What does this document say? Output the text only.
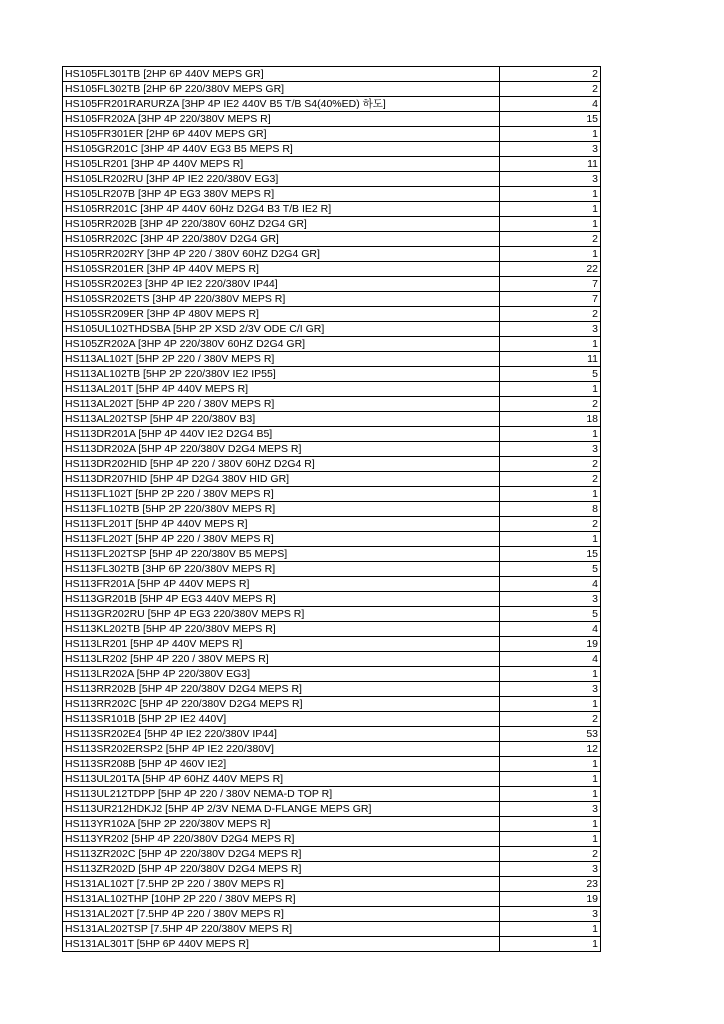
HS105FL301TB [2HP 6P 440V MEPS GR]	2
HS105FL302TB [2HP 6P 220/380V MEPS GR]	2
HS105FR201RARURZA [3HP 4P IE2 440V B5 T/B S4(40%ED) 하도]	4
HS105FR202A [3HP 4P 220/380V MEPS R]	15
HS105FR301ER [2HP 6P 440V MEPS GR]	1
HS105GR201C [3HP 4P 440V EG3 B5 MEPS R]	3
HS105LR201 [3HP 4P 440V MEPS R]	11
HS105LR202RU [3HP 4P IE2 220/380V EG3]	3
HS105LR207B [3HP 4P EG3 380V MEPS R]	1
HS105RR201C [3HP 4P 440V 60Hz D2G4 B3 T/B IE2 R]	1
HS105RR202B [3HP 4P 220/380V 60HZ D2G4 GR]	1
HS105RR202C [3HP 4P 220/380V D2G4 GR]	2
HS105RR202RY [3HP 4P 220 / 380V 60HZ D2G4 GR]	1
HS105SR201ER [3HP 4P 440V MEPS R]	22
HS105SR202E3 [3HP 4P IE2 220/380V IP44]	7
HS105SR202ETS [3HP 4P 220/380V MEPS R]	7
HS105SR209ER [3HP 4P 480V MEPS R]	2
HS105UL102THDSBA [5HP 2P XSD 2/3V ODE C/I GR]	3
HS105ZR202A [3HP 4P 220/380V 60HZ D2G4 GR]	1
HS113AL102T [5HP 2P 220 / 380V MEPS R]	11
HS113AL102TB [5HP 2P 220/380V IE2 IP55]	5
HS113AL201T [5HP 4P 440V MEPS R]	1
HS113AL202T [5HP 4P 220 / 380V MEPS R]	2
HS113AL202TSP [5HP 4P 220/380V B3]	18
HS113DR201A [5HP 4P 440V IE2 D2G4 B5]	1
HS113DR202A [5HP 4P 220/380V D2G4 MEPS R]	3
HS113DR202HID [5HP 4P 220 / 380V 60HZ D2G4 R]	2
HS113DR207HID [5HP 4P D2G4 380V HID GR]	2
HS113FL102T [5HP 2P 220 / 380V MEPS R]	1
HS113FL102TB [5HP 2P 220/380V MEPS R]	8
HS113FL201T [5HP 4P 440V MEPS R]	2
HS113FL202T [5HP 4P 220 / 380V MEPS R]	1
HS113FL202TSP [5HP 4P 220/380V B5 MEPS]	15
HS113FL302TB [3HP 6P 220/380V MEPS R]	5
HS113FR201A [5HP 4P 440V MEPS R]	4
HS113GR201B [5HP 4P EG3 440V MEPS R]	3
HS113GR202RU [5HP 4P EG3 220/380V MEPS R]	5
HS113KL202TB [5HP 4P 220/380V MEPS R]	4
HS113LR201 [5HP 4P 440V MEPS R]	19
HS113LR202 [5HP 4P 220 / 380V MEPS R]	4
HS113LR202A [5HP 4P 220/380V EG3]	1
HS113RR202B [5HP 4P 220/380V D2G4 MEPS R]	3
HS113RR202C [5HP 4P 220/380V D2G4 MEPS R]	1
HS113SR101B [5HP 2P IE2 440V]	2
HS113SR202E4 [5HP 4P IE2 220/380V IP44]	53
HS113SR202ERSP2 [5HP 4P IE2 220/380V]	12
HS113SR208B [5HP 4P 460V IE2]	1
HS113UL201TA [5HP 4P 60HZ 440V MEPS R]	1
HS113UL212TDPP [5HP 4P 220 / 380V NEMA-D TOP R]	1
HS113UR212HDKJ2 [5HP 4P 2/3V NEMA D-FLANGE MEPS GR]	3
HS113YR102A [5HP 2P 220/380V MEPS R]	1
HS113YR202 [5HP 4P 220/380V D2G4 MEPS R]	1
HS113ZR202C [5HP 4P 220/380V D2G4 MEPS R]	2
HS113ZR202D [5HP 4P 220/380V D2G4 MEPS R]	3
HS131AL102T [7.5HP 2P 220 / 380V MEPS R]	23
HS131AL102THP [10HP 2P 220 / 380V MEPS R]	19
HS131AL202T [7.5HP 4P 220 / 380V MEPS R]	3
HS131AL202TSP [7.5HP 4P 220/380V MEPS R]	1
HS131AL301T [5HP 6P 440V MEPS R]	1
